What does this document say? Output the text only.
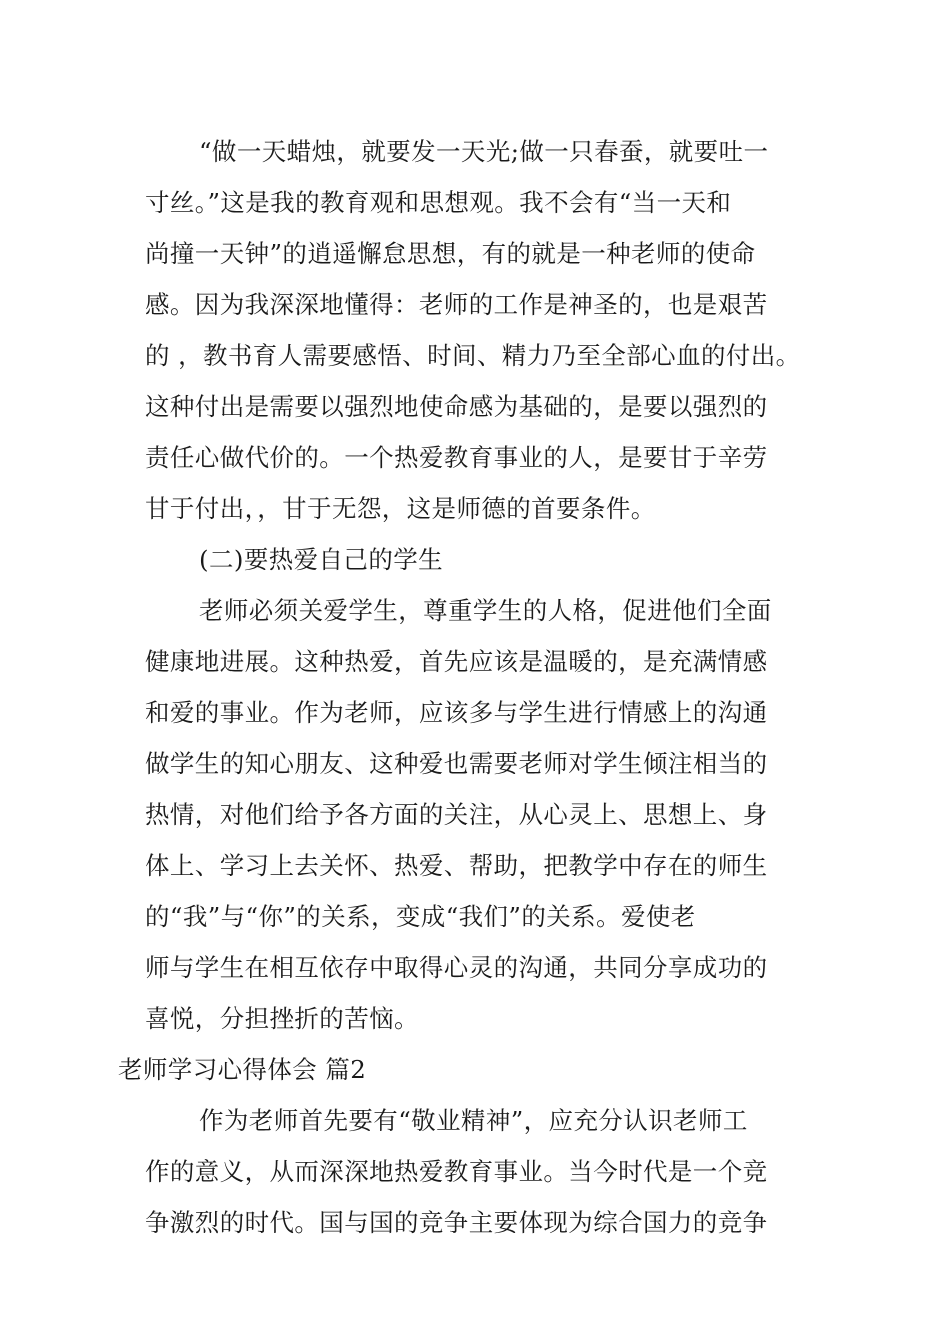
“做一天蜡烛，就要发一天光;做一只春蚕，就要吐一
寸丝。”这是我的教育观和思想观。我不会有“当一天和
尚撞一天钟”的逍遥懈怠思想，有的就是一种老师的使命
感。因为我深深地懂得：老师的工作是神圣的，也是艰苦
的 ，教书育人需要感悟、时间、精力乃至全部心血的付出。
这种付出是需要以强烈地使命感为基础的，是要以强烈的
责任心做代价的。一个热爱教育事业的人，是要甘于辛劳
甘于付出，，甘于无怨，这是师德的首要条件。
(二)要热爱自己的学生
老师必须关爱学生，尊重学生的人格，促进他们全面
健康地进展。这种热爱，首先应该是温暖的，是充满情感
和爱的事业。作为老师，应该多与学生进行情感上的沟通
做学生的知心朋友、这种爱也需要老师对学生倾注相当的
热情，对他们给予各方面的关注，从心灵上、思想上、身
体上、学习上去关怀、热爱、帮助，把教学中存在的师生
的“我”与“你”的关系，变成“我们”的关系。爱使老
师与学生在相互依存中取得心灵的沟通，共同分享成功的
喜悦，分担挫折的苦恼。
老师学习心得体会 篇2
作为老师首先要有“敬业精神”，应充分认识老师工
作的意义，从而深深地热爱教育事业。当今时代是一个竞
争激烈的时代。国与国的竞争主要体现为综合国力的竞争
